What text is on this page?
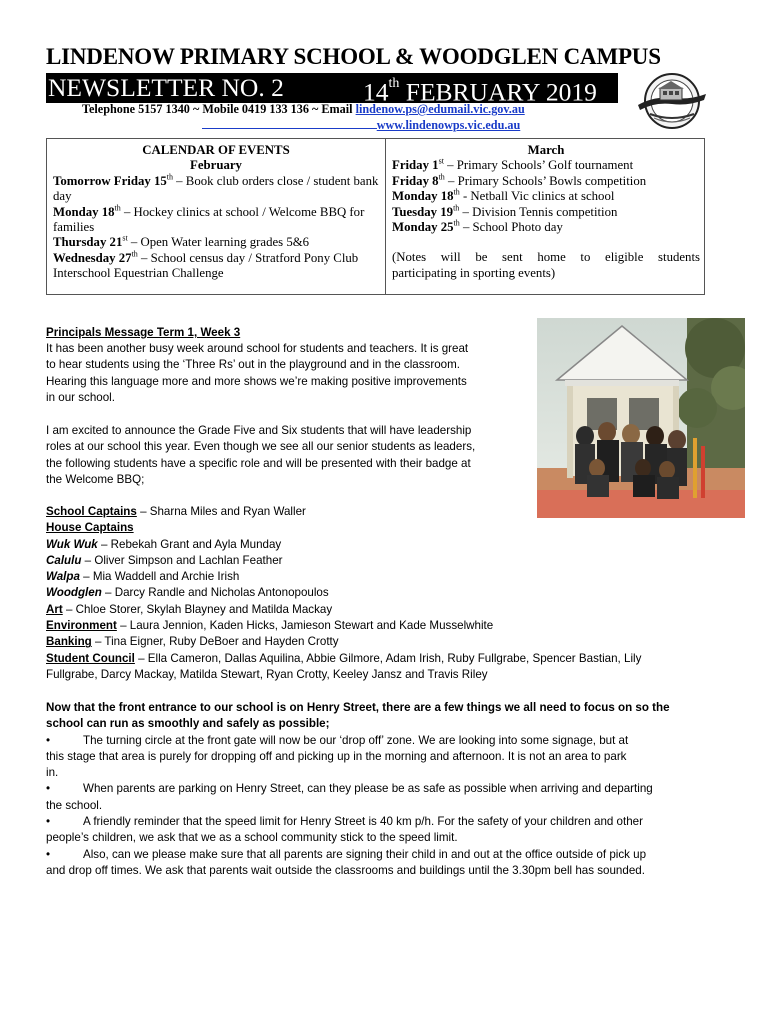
LINDENOW PRIMARY SCHOOL & WOODGLEN CAMPUS
NEWSLETTER NO. 2	14th FEBRUARY 2019
Telephone 5157 1340 ~ Mobile 0419 133 136 ~ Email lindenow.ps@edumail.vic.gov.au
www.lindenowps.vic.edu.au

CALENDAR OF EVENTS

February

Tomorrow Friday 15th – Book club orders close / student bank day

Monday 18th – Hockey clinics at school / Welcome BBQ for families

Thursday 21st – Open Water learning grades 5&6

Wednesday 27th – School census day / Stratford Pony Club Interschool Equestrian Challenge

March

Friday 1st – Primary Schools’ Golf tournament

Friday 8th – Primary Schools’ Bowls competition

Monday 18th - Netball Vic clinics at school

Tuesday 19th – Division Tennis competition

Monday 25th – School Photo day

(Notes will be sent home to eligible students

participating in sporting events)

Principals Message Term 1, Week 3
It has been another busy week around school for students and teachers. It is great
to hear students using the ‘Three Rs’ out in the playground and in the classroom.
Hearing this language more and more shows we’re making positive improvements
in our school.
I am excited to announce the Grade Five and Six students that will have leadership
roles at our school this year. Even though we see all our senior students as leaders,
the following students have a specific role and will be presented with their badge at
the Welcome BBQ;
School Captains – Sharna Miles and Ryan Waller
House Captains
Wuk Wuk – Rebekah Grant and Ayla Munday
Calulu – Oliver Simpson and Lachlan Feather
Walpa – Mia Waddell and Archie Irish
Woodglen – Darcy Randle and Nicholas Antonopoulos
Art – Chloe Storer, Skylah Blayney and Matilda Mackay
Environment – Laura Jennion, Kaden Hicks, Jamieson Stewart and Kade Musselwhite
Banking – Tina Eigner, Ruby DeBoer and Hayden Crotty
Student Council – Ella Cameron, Dallas Aquilina, Abbie Gilmore, Adam Irish, Ruby Fullgrabe, Spencer Bastian, Lily
Fullgrabe, Darcy Mackay, Matilda Stewart, Ryan Crotty, Keeley Jansz and Travis Riley
Now that the front entrance to our school is on Henry Street, there are a few things we all need to focus on so the
school can run as smoothly and safely as possible;
•	The turning circle at the front gate will now be our ‘drop off’ zone. We are looking into some signage, but at
this stage that area is purely for dropping off and picking up in the morning and afternoon. It is not an area to park
in.
•	When parents are parking on Henry Street, can they please be as safe as possible when arriving and departing
the school.
•	A friendly reminder that the speed limit for Henry Street is 40 km p/h. For the safety of your children and other
people’s children, we ask that we as a school community stick to the speed limit.
•	Also, can we please make sure that all parents are signing their child in and out at the office outside of pick up
and drop off times. We ask that parents wait outside the classrooms and buildings until the 3.30pm bell has sounded.
